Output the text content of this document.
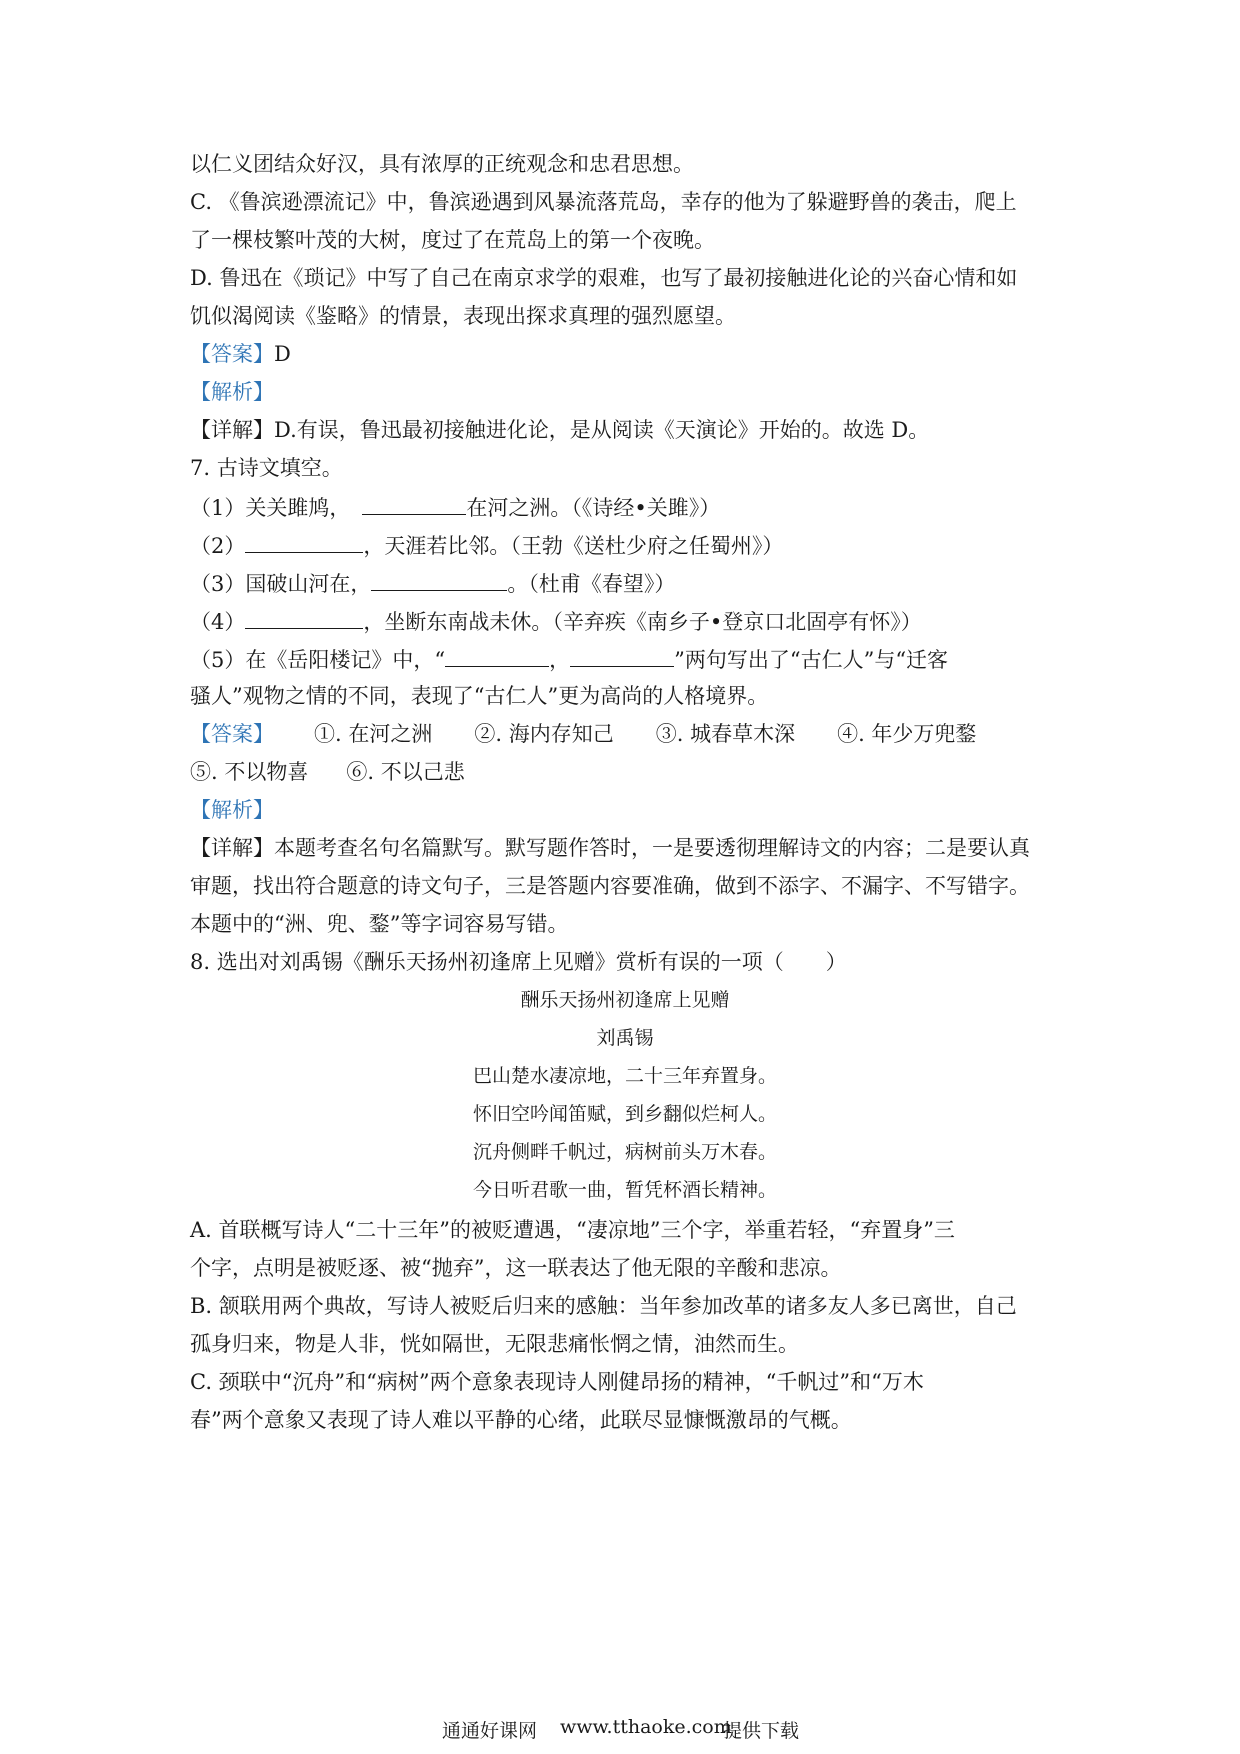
以仁义团结众好汉，具有浓厚的正统观念和忠君思想。
C. 《鲁滨逊漂流记》中，鲁滨逊遇到风暴流落荒岛，幸存的他为了躲避野兽的袭击，爬上
了一棵枝繁叶茂的大树，度过了在荒岛上的第一个夜晚。
D. 鲁迅在《琐记》中写了自己在南京求学的艰难，也写了最初接触进化论的兴奋心情和如
饥似渴阅读《鉴略》的情景，表现出探求真理的强烈愿望。
【答案】D
【解析】
【详解】D.有误，鲁迅最初接触进化论，是从阅读《天演论》开始的。故选 D。
7. 古诗文填空。
（1）关关雎鸠，	在河之洲。（《诗经•关雎》）
（2）	，天涯若比邻。（王勃《送杜少府之任蜀州》）
（3）国破山河在，	。（杜甫《春望》）
（4）	，坐断东南战未休。（辛弃疾《南乡子•登京口北固亭有怀》）
（5）在《岳阳楼记》中，“	，	”两句写出了“古仁人”与“迁客
骚人”观物之情的不同，表现了“古仁人”更为高尚的人格境界。
【答案】 ①. 在河之洲 ②. 海内存知己 ③. 城春草木深 ④. 年少万兜鍪
⑤. 不以物喜 ⑥. 不以己悲
【解析】
【详解】本题考查名句名篇默写。默写题作答时，一是要透彻理解诗文的内容；二是要认真
审题，找出符合题意的诗文句子，三是答题内容要准确，做到不添字、不漏字、不写错字。
本题中的“洲、兜、鍪”等字词容易写错。
8. 选出对刘禹锡《酬乐天扬州初逢席上见赠》赏析有误的一项（　　）
酬乐天扬州初逢席上见赠
刘禹锡
巴山楚水凄凉地，二十三年弃置身。
怀旧空吟闻笛赋，到乡翻似烂柯人。
沉舟侧畔千帆过，病树前头万木春。
今日听君歌一曲，暂凭杯酒长精神。
A. 首联概写诗人“二十三年”的被贬遭遇，“凄凉地”三个字，举重若轻，“弃置身”三
个字，点明是被贬逐、被“抛弃”，这一联表达了他无限的辛酸和悲凉。
B. 颔联用两个典故，写诗人被贬后归来的感触：当年参加改革的诸多友人多已离世，自己
孤身归来，物是人非，恍如隔世，无限悲痛怅惘之情，油然而生。
C. 颈联中“沉舟”和“病树”两个意象表现诗人刚健昂扬的精神，“千帆过”和“万木
春”两个意象又表现了诗人难以平静的心绪，此联尽显慷慨激昂的气概。
通通好课网 www.tthaoke.com
提供下载
